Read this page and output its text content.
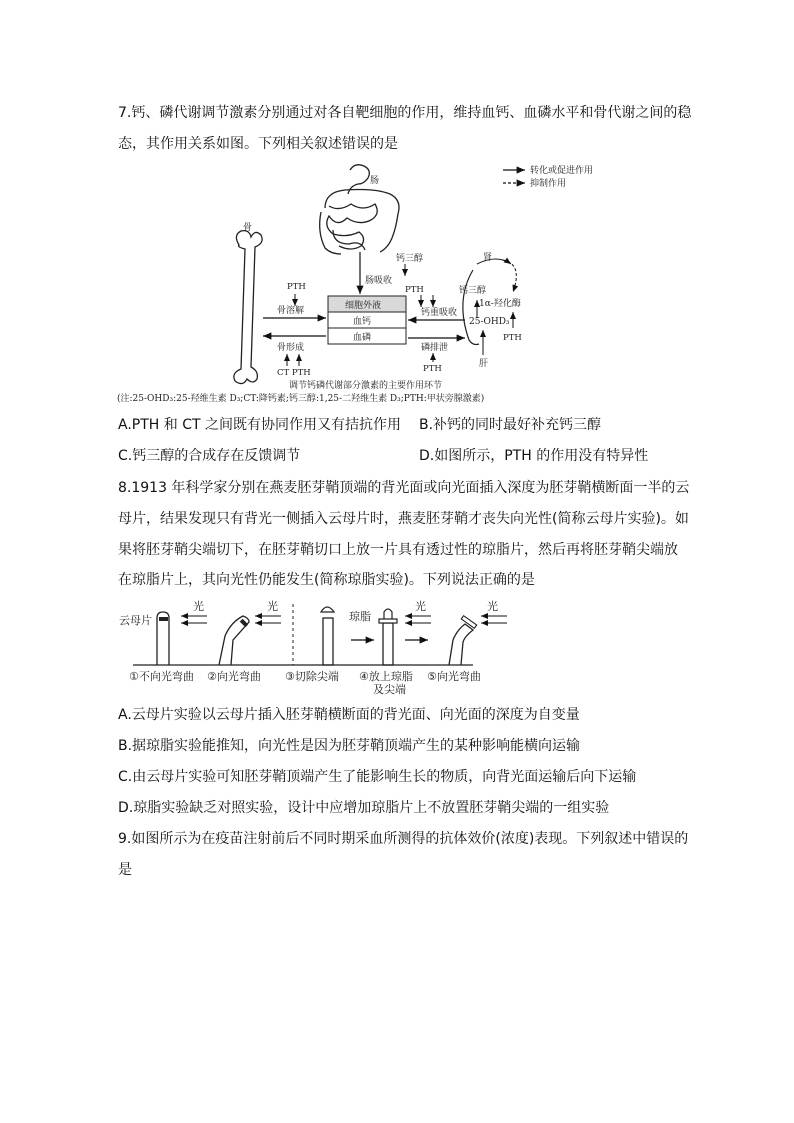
7.钙、磷代谢调节激素分别通过对各自靶细胞的作用，维持血钙、血磷水平和骨代谢之间的稳
态，其作用关系如图。下列相关叙述错误的是
转化或促进作用
抑制作用
肠
钙三醇
肠吸收
骨
细胞外液
血钙
血磷
PTH
骨溶解
骨形成
CT PTH
PTH
钙重吸收
磷排泄
PTH
肾
钙三醇
1α-羟化酶
25-OHD₃
PTH
肝
调节钙磷代谢部分激素的主要作用环节
(注:25-OHD₃:25-羟维生素 D₃;CT:降钙素;钙三醇:1,25-二羟维生素 D₃;PTH:甲状旁腺激素)
A.PTH 和 CT 之间既有协同作用又有拮抗作用 B.补钙的同时最好补充钙三醇
C.钙三醇的合成存在反馈调节	D.如图所示，PTH 的作用没有特异性
8.1913 年科学家分别在燕麦胚芽鞘顶端的背光面或向光面插入深度为胚芽鞘横断面一半的云
母片，结果发现只有背光一侧插入云母片时，燕麦胚芽鞘才丧失向光性(简称云母片实验)。如
果将胚芽鞘尖端切下，在胚芽鞘切口上放一片具有透过性的琼脂片，然后再将胚芽鞘尖端放
在琼脂片上，其向光性仍能发生(简称琼脂实验)。下列说法正确的是
云母片
光	光
琼脂
光	光
①不向光弯曲 ②向光弯曲 ③切除尖端 ④放上琼脂
及尖端
⑤向光弯曲
A.云母片实验以云母片插入胚芽鞘横断面的背光面、向光面的深度为自变量
B.据琼脂实验能推知，向光性是因为胚芽鞘顶端产生的某种影响能横向运输
C.由云母片实验可知胚芽鞘顶端产生了能影响生长的物质，向背光面运输后向下运输
D.琼脂实验缺乏对照实验，设计中应增加琼脂片上不放置胚芽鞘尖端的一组实验
9.如图所示为在疫苗注射前后不同时期采血所测得的抗体效价(浓度)表现。下列叙述中错误的
是
